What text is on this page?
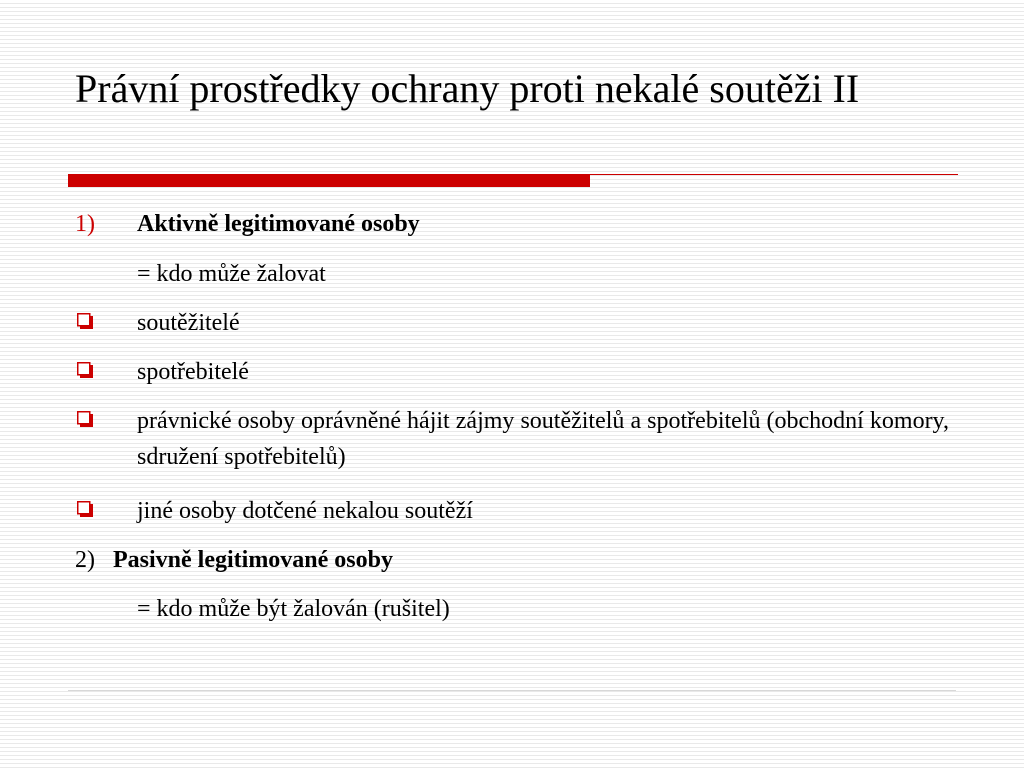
Právní prostředky ochrany proti nekalé soutěži II
1) Aktivně legitimované osoby
= kdo může žalovat
soutěžitelé
spotřebitelé
právnické osoby oprávněné hájit zájmy soutěžitelů a spotřebitelů (obchodní komory, sdružení spotřebitelů)
jiné osoby dotčené nekalou soutěží
2) Pasivně legitimované osoby
= kdo může být žalován (rušitel)
